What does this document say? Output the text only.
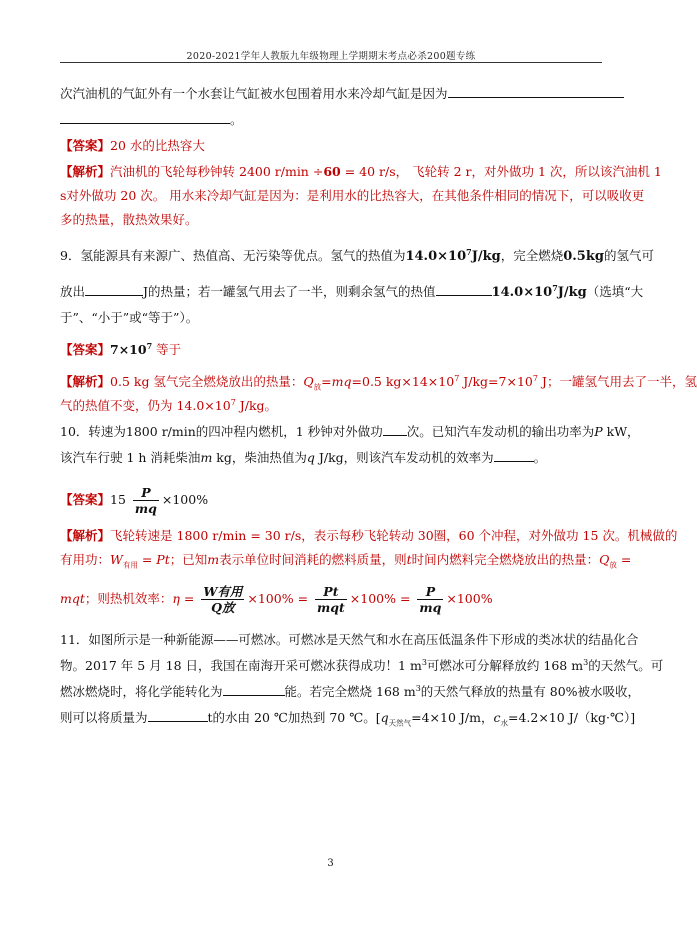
2020-2021学年人教版九年级物理上学期期末考点必杀200题专练
次汽油机的气缸外有一个水套让气缸被水包围着用水来冷却气缸是因为
。
【答案】20 水的比热容大
【解析】汽油机的飞轮每秒钟转 2400 r/min ÷60 = 40 r/s， 飞轮转 2 r，对外做功 1 次，所以该汽油机 1
s对外做功 20 次。 用水来冷却气缸是因为：是利用水的比热容大，在其他条件相同的情况下，可以吸收更
多的热量，散热效果好。
9．氢能源具有来源广、热值高、无污染等优点。氢气的热值为$14.0\times 10^7J/kg$，完全燃烧0.5kg的氢气可
放出	J的热量；若一罐氢气用去了一半，则剩余氢气的热值	$14.0\times 10^7J/kg$（选填“大
于”、“小于”或“等于”）。
【答案】$7\times 10^7$ 等于
【解析】0.5 kg 氢气完全燃烧放出的热量：$Q_放=mq=0.5$ $kg\times 14\times 10^7$ $J/kg=7\times 10^7$ J；一罐氢气用去了一半，氢
气的热值不变，仍为 $14.0\times 10^7$ J/kg。
10．转速为1800 r/min的四冲程内燃机，1 秒钟对外做功 次。已知汽车发动机的输出功率为P kW，
该汽车行驶 1 h 消耗柴油m kg，柴油热值为q J/kg，则该汽车发动机的效率为	。
【答案】$15 \frac{P}{mq} \times 100\%$
【解析】飞轮转速是 1800 r/min = 30 r/s，表示每秒飞轮转动 30圈，60 个冲程，对外做功 15 次。机械做的
有用功：$W_{有用} = Pt$；已知m表示单位时间消耗的燃料质量，则t时间内燃料完全燃烧放出的热量：$Q_放$ =
mqt；则热机效率：$\eta = \frac{\text{W有用}}{\text{Q放}} \times 100\% = \frac{Pt}{\text{mqt}} \times 100\% = \frac{P}{mq} \times 100\%$
11．如图所示是一种新能源——可燃冰。可燃冰是天然气和水在高压低温条件下形成的类冰状的结晶化合
物。2017 年 5 月 18 日，我国在南海开采可燃冰获得成功！1 $m^3$可燃冰可分解释放约 168 $m^3$的天然气。可
燃冰燃烧时，将化学能转化为	能。若完全燃烧 168 $m^3$的天然气释放的热量有 80%被水吸收，
则可以将质量为	t的水由 20 ℃加热到 70 ℃。[$q_{天然气}=4\times 10$ J/m，$c_水=4.2\times 10$ J/（kg·℃）]
3
